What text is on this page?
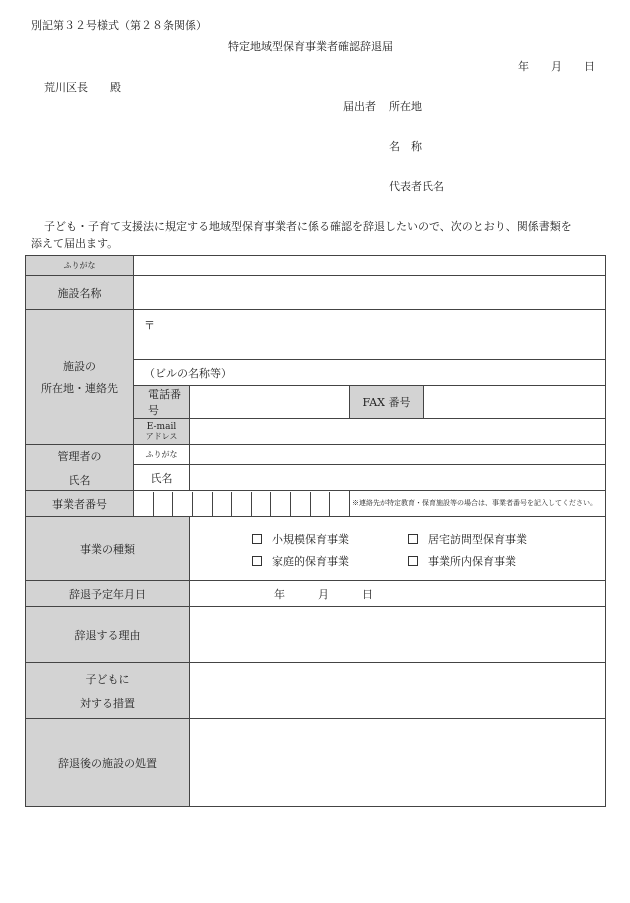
別記第３２号様式（第２８条関係）
特定地域型保育事業者確認辞退届
年　　月　　日
荒川区長　　殿
届出者 所在地
名　称
代表者氏名
子ども・子育て支援法に規定する地域型保育事業者に係る確認を辞退したいので、次のとおり、関係書類を
添えて届出ます。
ふりがな				
施設名称				

施設の
所在地・連絡先	〒			
	（ビルの名称等）			
	電話番号		FAX 番号	

	E-mail
アドレス			

管理者の
氏名	ふりがな			
	氏名			
事業者番号			※連絡先が特定教育・保育施設等の場合は、事業者番号を記入してください。	
事業の種類		小規模保育事業 居宅訪問型保育事業
家庭的保育事業 事業所内保育事業		

辞退予定年月日		年　　　月　　　日		
辞退する理由				

子どもに
対する措置				

辞退後の施設の処置				
